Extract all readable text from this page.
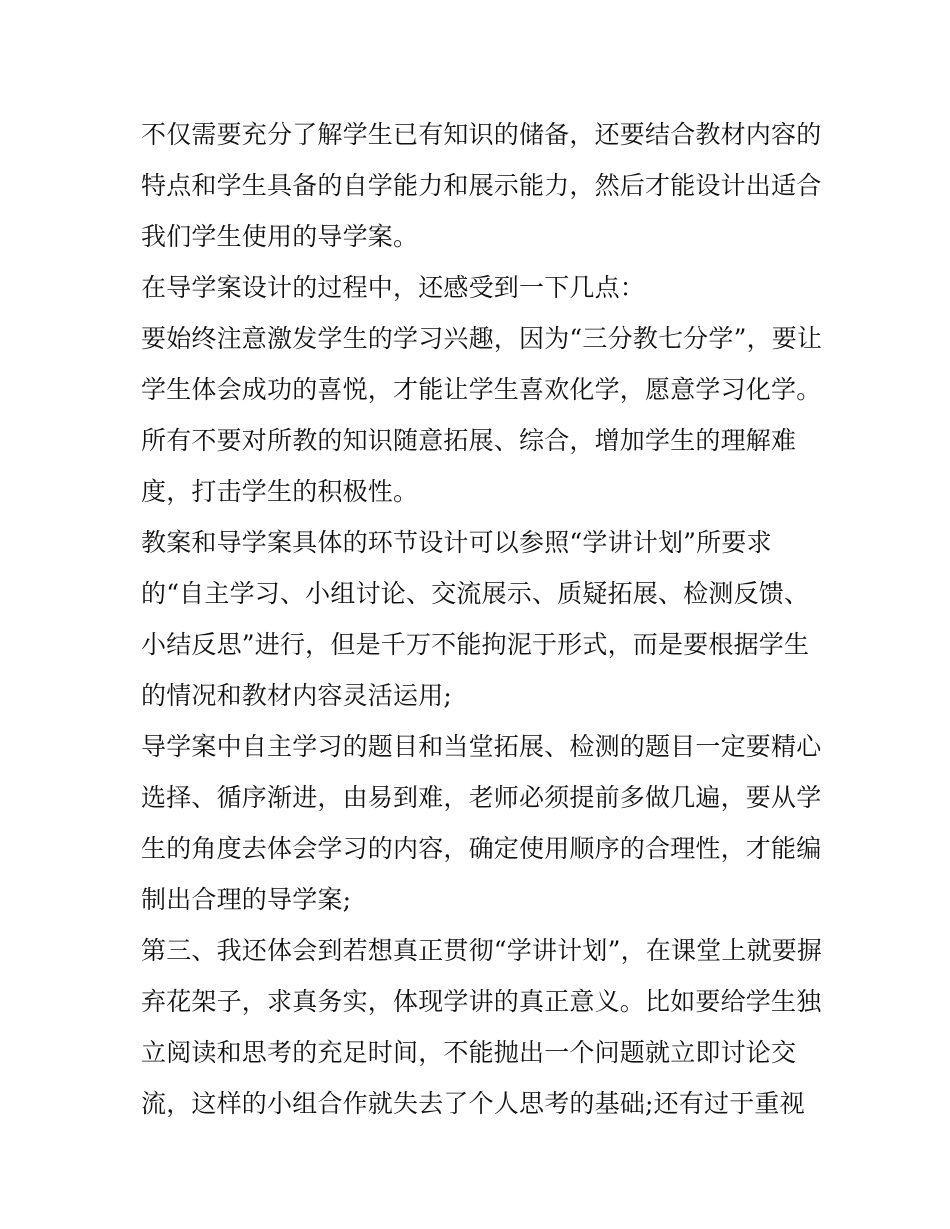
不仅需要充分了解学生已有知识的储备，还要结合教材内容的
特点和学生具备的自学能力和展示能力，然后才能设计出适合
我们学生使用的导学案。
在导学案设计的过程中，还感受到一下几点：
要始终注意激发学生的学习兴趣，因为“三分教七分学”，要让
学生体会成功的喜悦，才能让学生喜欢化学，愿意学习化学。
所有不要对所教的知识随意拓展、综合，增加学生的理解难
度，打击学生的积极性。
教案和导学案具体的环节设计可以参照“学讲计划”所要求
的“自主学习、小组讨论、交流展示、质疑拓展、检测反馈、
小结反思”进行，但是千万不能拘泥于形式，而是要根据学生
的情况和教材内容灵活运用;
导学案中自主学习的题目和当堂拓展、检测的题目一定要精心
选择、循序渐进，由易到难，老师必须提前多做几遍，要从学
生的角度去体会学习的内容，确定使用顺序的合理性，才能编
制出合理的导学案;
第三、我还体会到若想真正贯彻“学讲计划”，在课堂上就要摒
弃花架子，求真务实，体现学讲的真正意义。比如要给学生独
立阅读和思考的充足时间，不能抛出一个问题就立即讨论交
流，这样的小组合作就失去了个人思考的基础;还有过于重视
